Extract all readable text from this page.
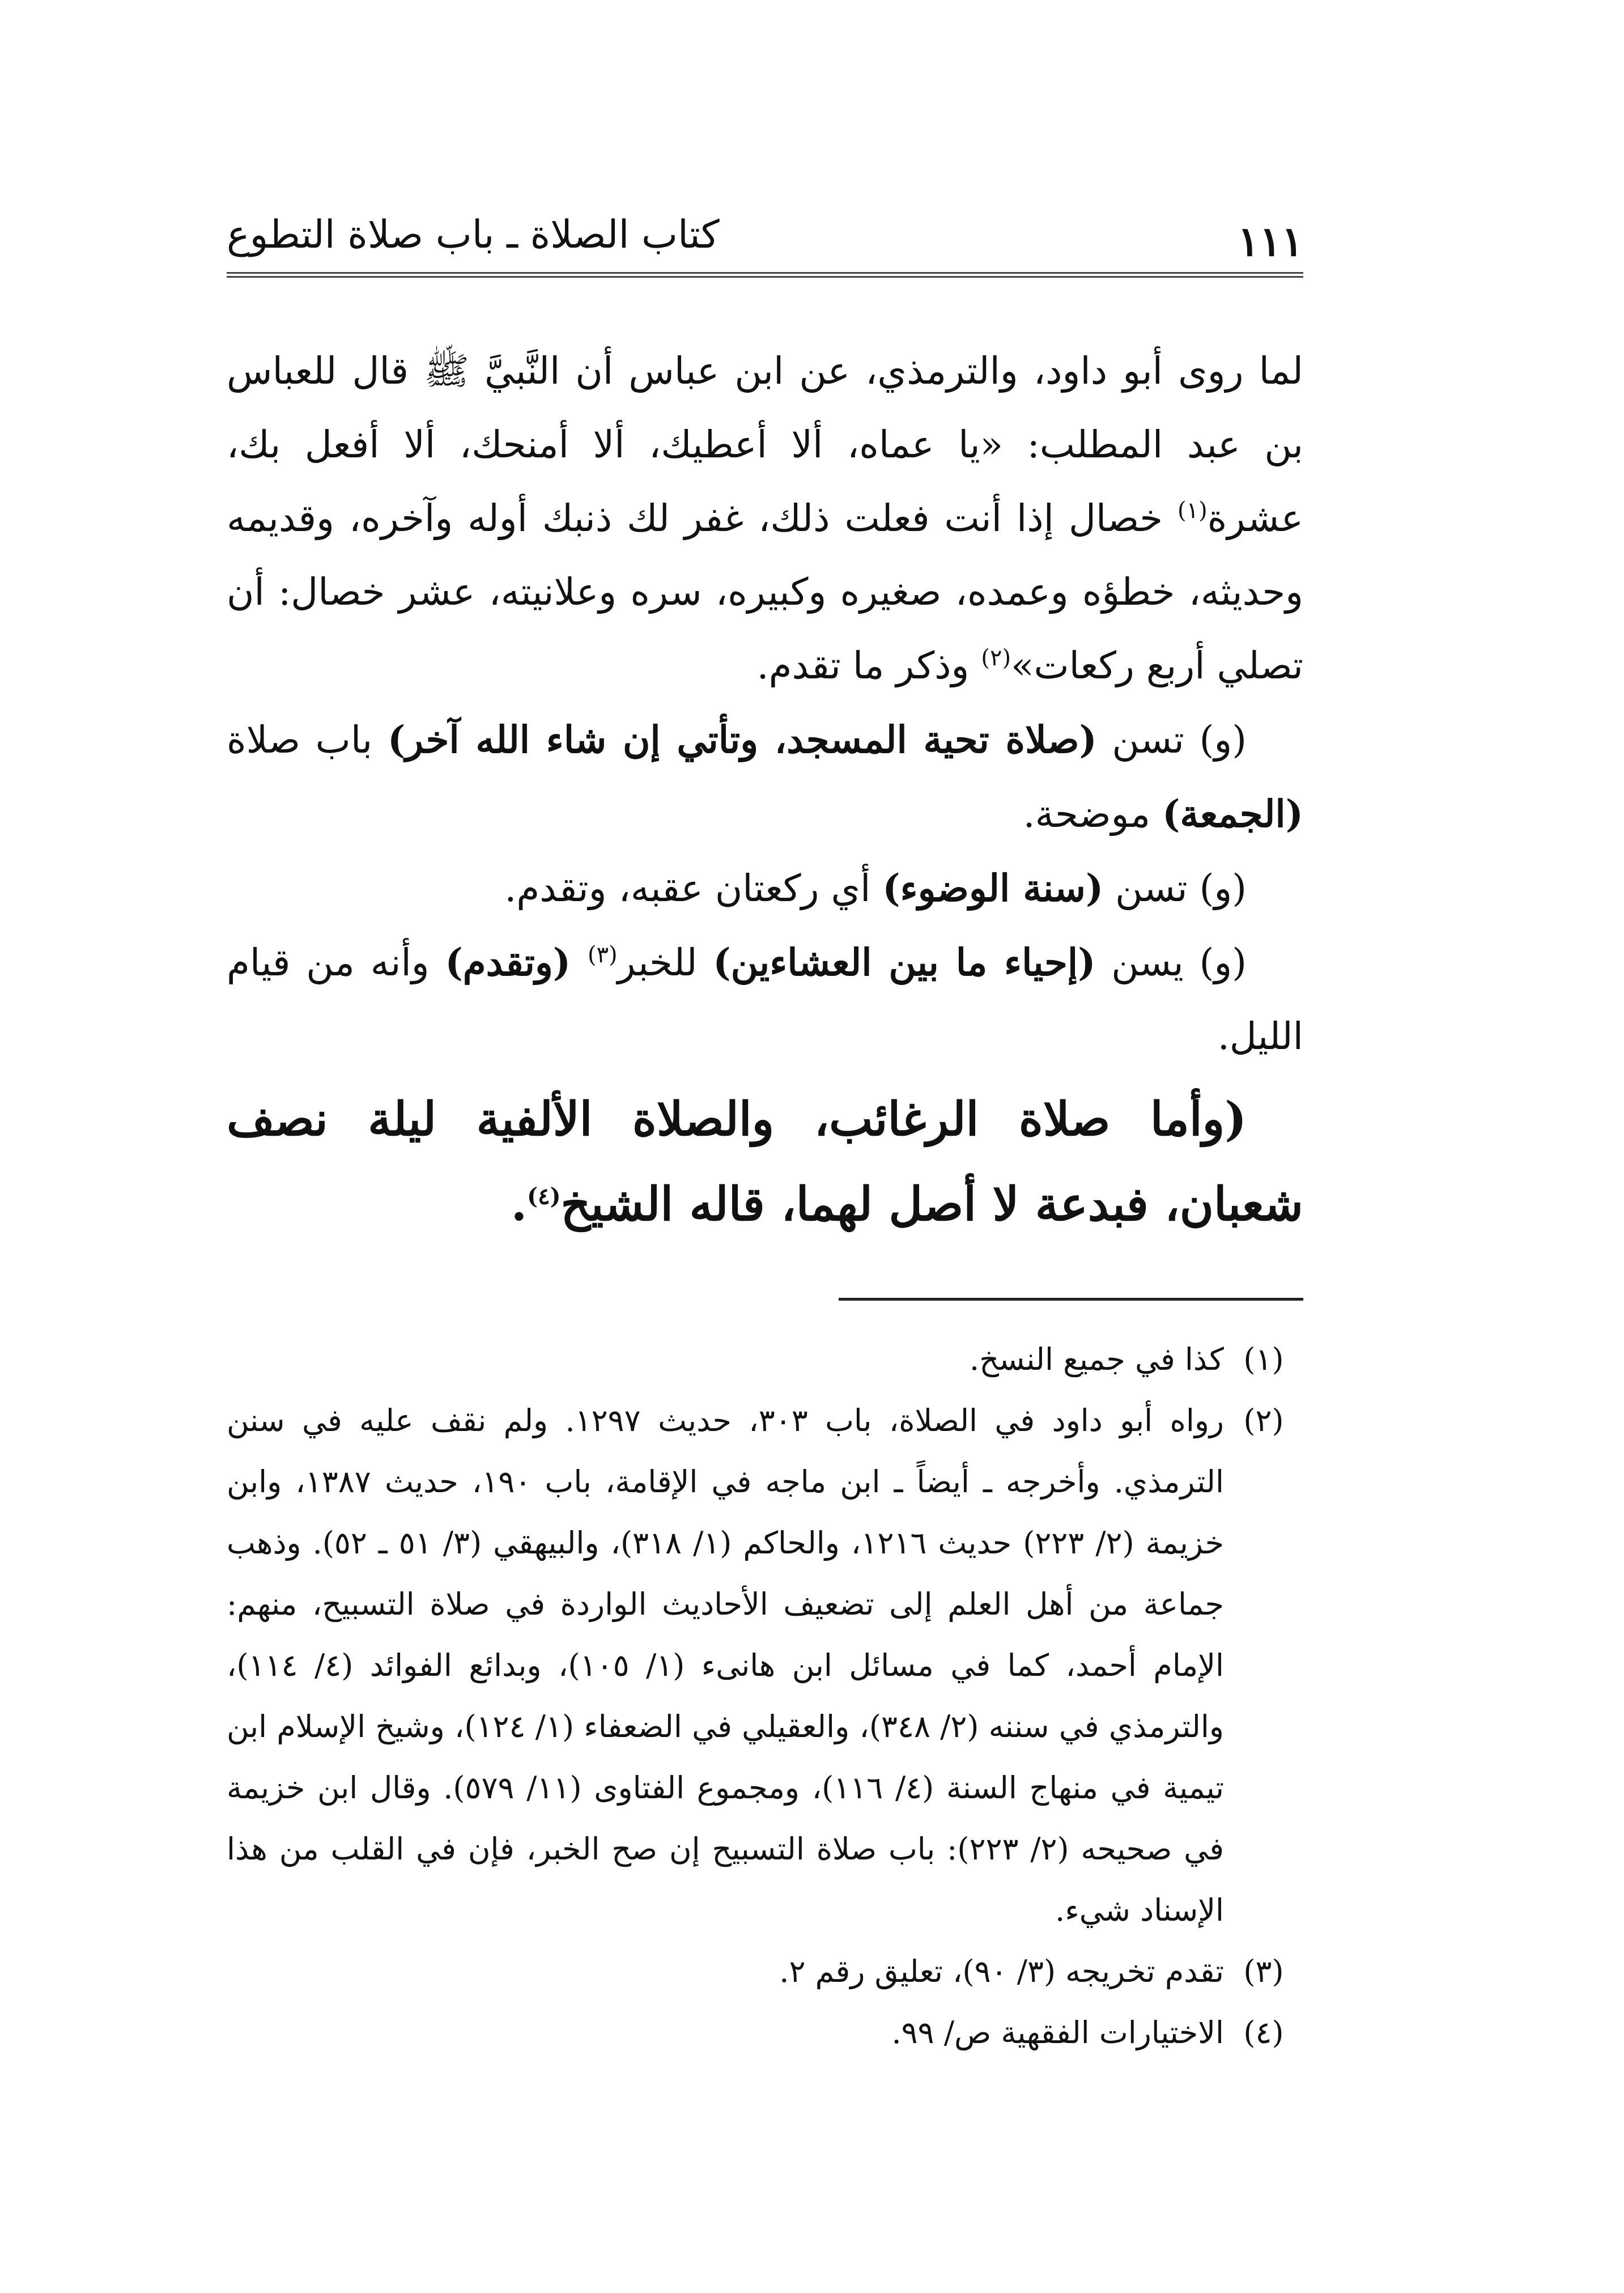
١١١
كتاب الصلاة ـ باب صلاة التطوع

لما روى أبو داود، والترمذي، عن ابن عباس أن النَّبيَّ ﷺ قال للعباس بن عبد المطلب: «يا عماه، ألا أعطيك، ألا أمنحك، ألا أفعل بك، عشرة$^{(١)}$ خصال إذا أنت فعلت ذلك، غفر لك ذنبك أوله وآخره، وقديمه وحديثه، خطؤه وعمده، صغيره وكبيره، سره وعلانيته، عشر خصال: أن تصلي أربع ركعات»$^{(٢)}$ وذكر ما تقدم.

(و) تسن (صلاة تحية المسجد، وتأتي إن شاء الله آخر) باب صلاة (الجمعة) موضحة.

(و) تسن (سنة الوضوء) أي ركعتان عقبه، وتقدم.

(و) يسن (إحياء ما بين العشاءين) للخبر$^{(٣)}$ (وتقدم) وأنه من قيام الليل.

(وأما صلاة الرغائب، والصلاة الألفية ليلة نصف شعبان، فبدعة لا أصل لهما، قاله الشيخ$^{(٤)}$.

(١)
كذا في جميع النسخ.
(٢)
رواه أبو داود في الصلاة، باب ٣٠٣، حديث ١٢٩٧. ولم نقف عليه في سنن الترمذي. وأخرجه ـ أيضاً ـ ابن ماجه في الإقامة، باب ١٩٠، حديث ١٣٨٧، وابن خزيمة (٢/ ٢٢٣) حديث ١٢١٦، والحاكم (١/ ٣١٨)، والبيهقي (٣/ ٥١ ـ ٥٢). وذهب جماعة من أهل العلم إلى تضعيف الأحاديث الواردة في صلاة التسبيح، منهم: الإمام أحمد، كما في مسائل ابن هانىء (١/ ١٠٥)، وبدائع الفوائد (٤/ ١١٤)، والترمذي في سننه (٢/ ٣٤٨)، والعقيلي في الضعفاء (١/ ١٢٤)، وشيخ الإسلام ابن تيمية في منهاج السنة (٤/ ١١٦)، ومجموع الفتاوى (١١/ ٥٧٩). وقال ابن خزيمة في صحيحه (٢/ ٢٢٣): باب صلاة التسبيح إن صح الخبر، فإن في القلب من هذا الإسناد شيء.
(٣)
تقدم تخريجه (٣/ ٩٠)، تعليق رقم ٢.
(٤)
الاختيارات الفقهية ص/ ٩٩.
